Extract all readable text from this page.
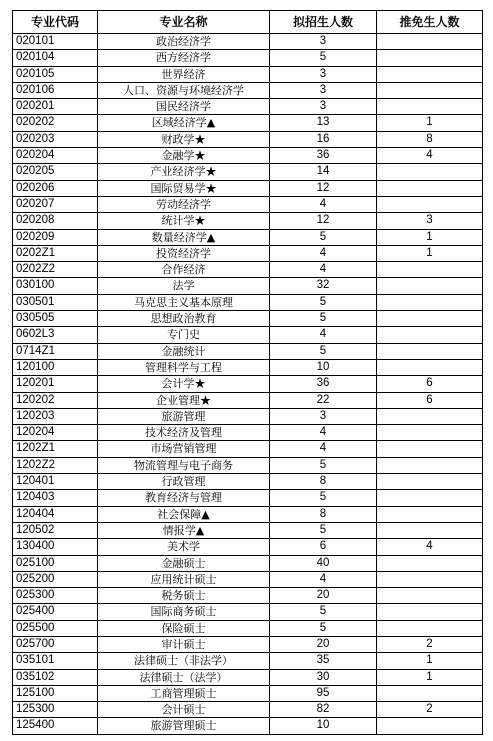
专业代码	专业名称	拟招生人数	推免生人数
020101	政治经济学	3	
020104	西方经济学	5	
020105	世界经济	3	
020106	人口、资源与环境经济学	3	
020201	国民经济学	3	
020202	区域经济学▲	13	1
020203	财政学★	16	8
020204	金融学★	36	4
020205	产业经济学★	14	
020206	国际贸易学★	12	
020207	劳动经济学	4	
020208	统计学★	12	3
020209	数量经济学▲	5	1
0202Z1	投资经济学	4	1
0202Z2	合作经济	4	
030100	法学	32	
030501	马克思主义基本原理	5	
030505	思想政治教育	5	
0602L3	专门史	4	
0714Z1	金融统计	5	
120100	管理科学与工程	10	
120201	会计学★	36	6
120202	企业管理★	22	6
120203	旅游管理	3	
120204	技术经济及管理	4	
1202Z1	市场营销管理	4	
1202Z2	物流管理与电子商务	5	
120401	行政管理	8	
120403	教育经济与管理	5	
120404	社会保障▲	8	
120502	情报学▲	5	
130400	美术学	6	4
025100	金融硕士	40	
025200	应用统计硕士	4	
025300	税务硕士	20	
025400	国际商务硕士	5	
025500	保险硕士	5	
025700	审计硕士	20	2
035101	法律硕士（非法学）	35	1
035102	法律硕士（法学）	30	1
125100	工商管理硕士	95	
125300	会计硕士	82	2
125400	旅游管理硕士	10	
